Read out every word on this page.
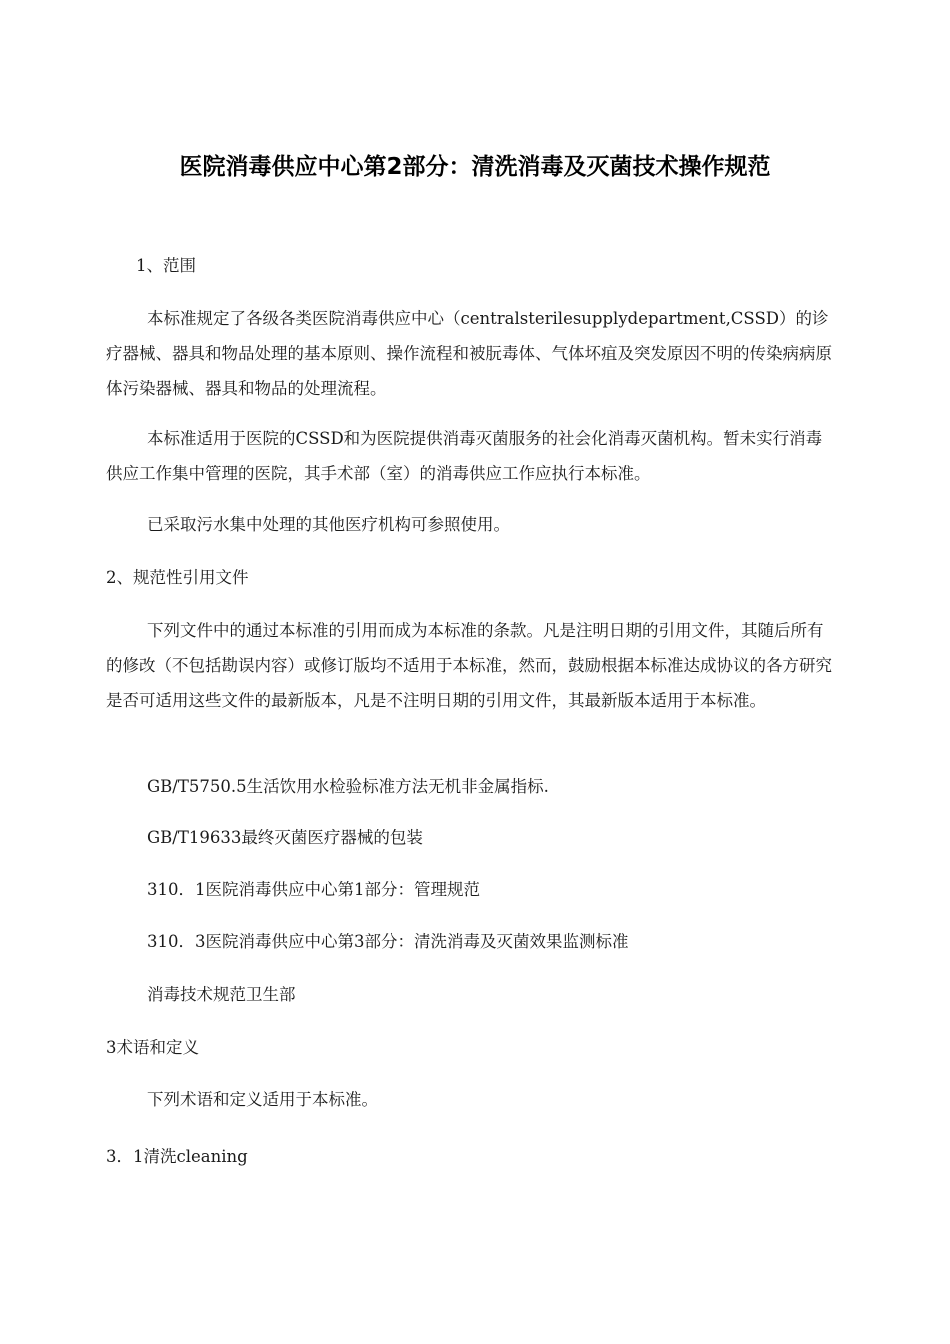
医院消毒供应中心第2部分：清洗消毒及灭菌技术操作规范

1、范围

本标准规定了各级各类医院消毒供应中心（centralsterilesupplydepartment,CSSD）的诊疗器械、器具和物品处理的基本原则、操作流程和被朊毒体、气体坏疽及突发原因不明的传染病病原体污染器械、器具和物品的处理流程。

本标准适用于医院的CSSD和为医院提供消毒灭菌服务的社会化消毒灭菌机构。暂未实行消毒供应工作集中管理的医院，其手术部（室）的消毒供应工作应执行本标准。

已采取污水集中处理的其他医疗机构可参照使用。

2、规范性引用文件

下列文件中的通过本标准的引用而成为本标准的条款。凡是注明日期的引用文件，其随后所有的修改（不包括勘误内容）或修订版均不适用于本标准，然而，鼓励根据本标准达成协议的各方研究是否可适用这些文件的最新版本，凡是不注明日期的引用文件，其最新版本适用于本标准。

GB/T5750.5生活饮用水检验标准方法无机非金属指标.

GB/T19633最终灭菌医疗器械的包装

310．1医院消毒供应中心第1部分：管理规范

310．3医院消毒供应中心第3部分：清洗消毒及灭菌效果监测标准

消毒技术规范卫生部

3术语和定义

下列术语和定义适用于本标准。

3．1清洗cleaning
